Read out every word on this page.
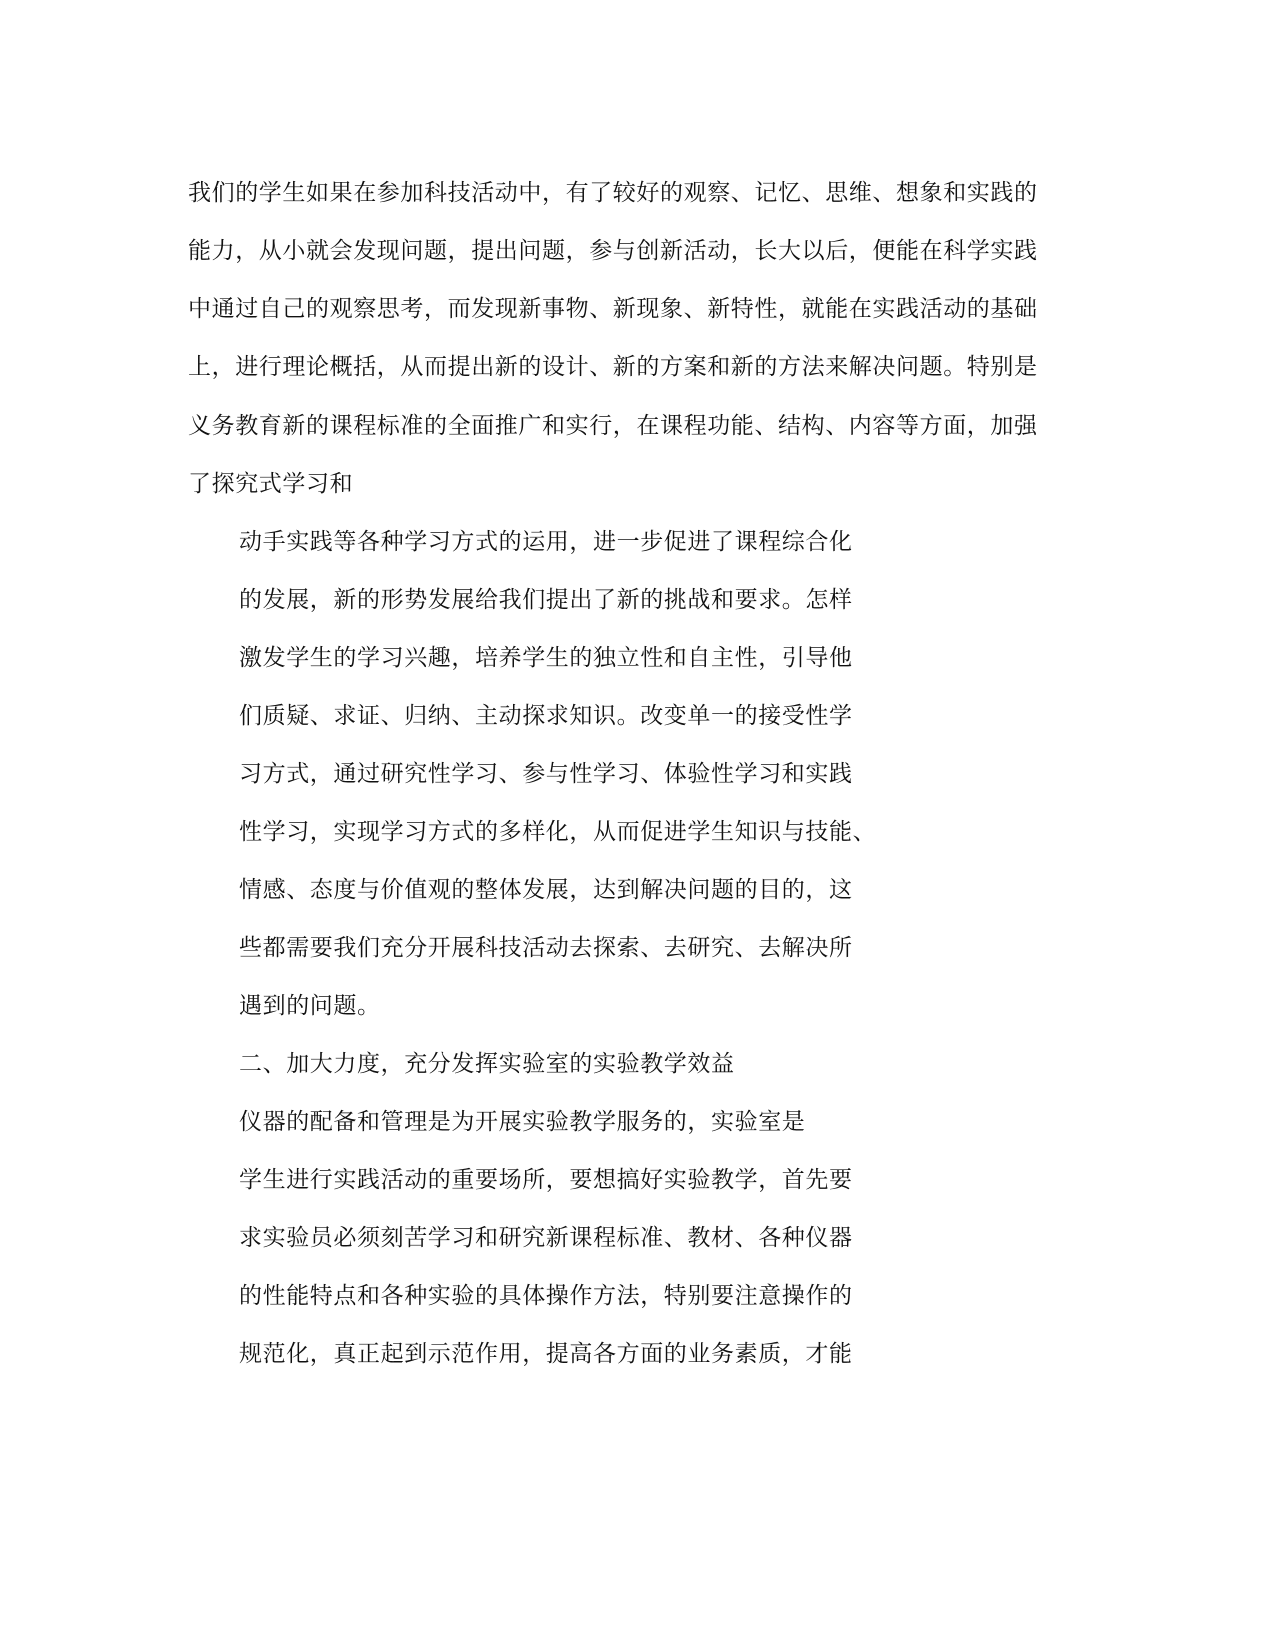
我们的学生如果在参加科技活动中，有了较好的观察、记忆、思维、想象和实践的
能力，从小就会发现问题，提出问题，参与创新活动，长大以后，便能在科学实践
中通过自己的观察思考，而发现新事物、新现象、新特性，就能在实践活动的基础
上，进行理论概括，从而提出新的设计、新的方案和新的方法来解决问题。特别是
义务教育新的课程标准的全面推广和实行，在课程功能、结构、内容等方面，加强
了探究式学习和
动手实践等各种学习方式的运用，进一步促进了课程综合化
的发展，新的形势发展给我们提出了新的挑战和要求。怎样
激发学生的学习兴趣，培养学生的独立性和自主性，引导他
们质疑、求证、归纳、主动探求知识。改变单一的接受性学
习方式，通过研究性学习、参与性学习、体验性学习和实践
性学习，实现学习方式的多样化，从而促进学生知识与技能、
情感、态度与价值观的整体发展，达到解决问题的目的，这
些都需要我们充分开展科技活动去探索、去研究、去解决所
遇到的问题。
二、加大力度，充分发挥实验室的实验教学效益
仪器的配备和管理是为开展实验教学服务的，实验室是
学生进行实践活动的重要场所，要想搞好实验教学，首先要
求实验员必须刻苦学习和研究新课程标准、教材、各种仪器
的性能特点和各种实验的具体操作方法，特别要注意操作的
规范化，真正起到示范作用，提高各方面的业务素质，才能
